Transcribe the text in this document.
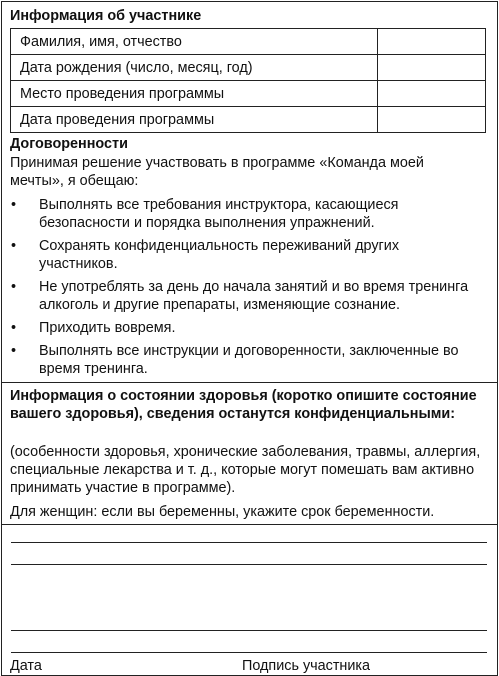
Информация об участнике
Фамилия, имя, отчество
Дата рождения (число, месяц, год)
Место проведения программы
Дата проведения программы
Договоренности
Принимая решение участвовать в программе «Команда моей мечты», я обещаю:
• Выполнять все требования инструктора, касающиеся безопасности и порядка выполнения упражнений.
• Сохранять конфиденциальность переживаний других участников.
• Не употреблять за день до начала занятий и во время тренинга алкоголь и другие препараты, изменяющие сознание.
• Приходить вовремя.
• Выполнять все инструкции и договоренности, заключенные во время тренинга.
Информация о состоянии здоровья (коротко опишите состояние вашего здоровья), сведения останутся конфиденциальными:
(особенности здоровья, хронические заболевания, травмы, аллергия, специальные лекарства и т. д., которые могут помешать вам активно принимать участие в программе).
Для женщин: если вы беременны, укажите срок беременности.
Дата	Подпись участника
